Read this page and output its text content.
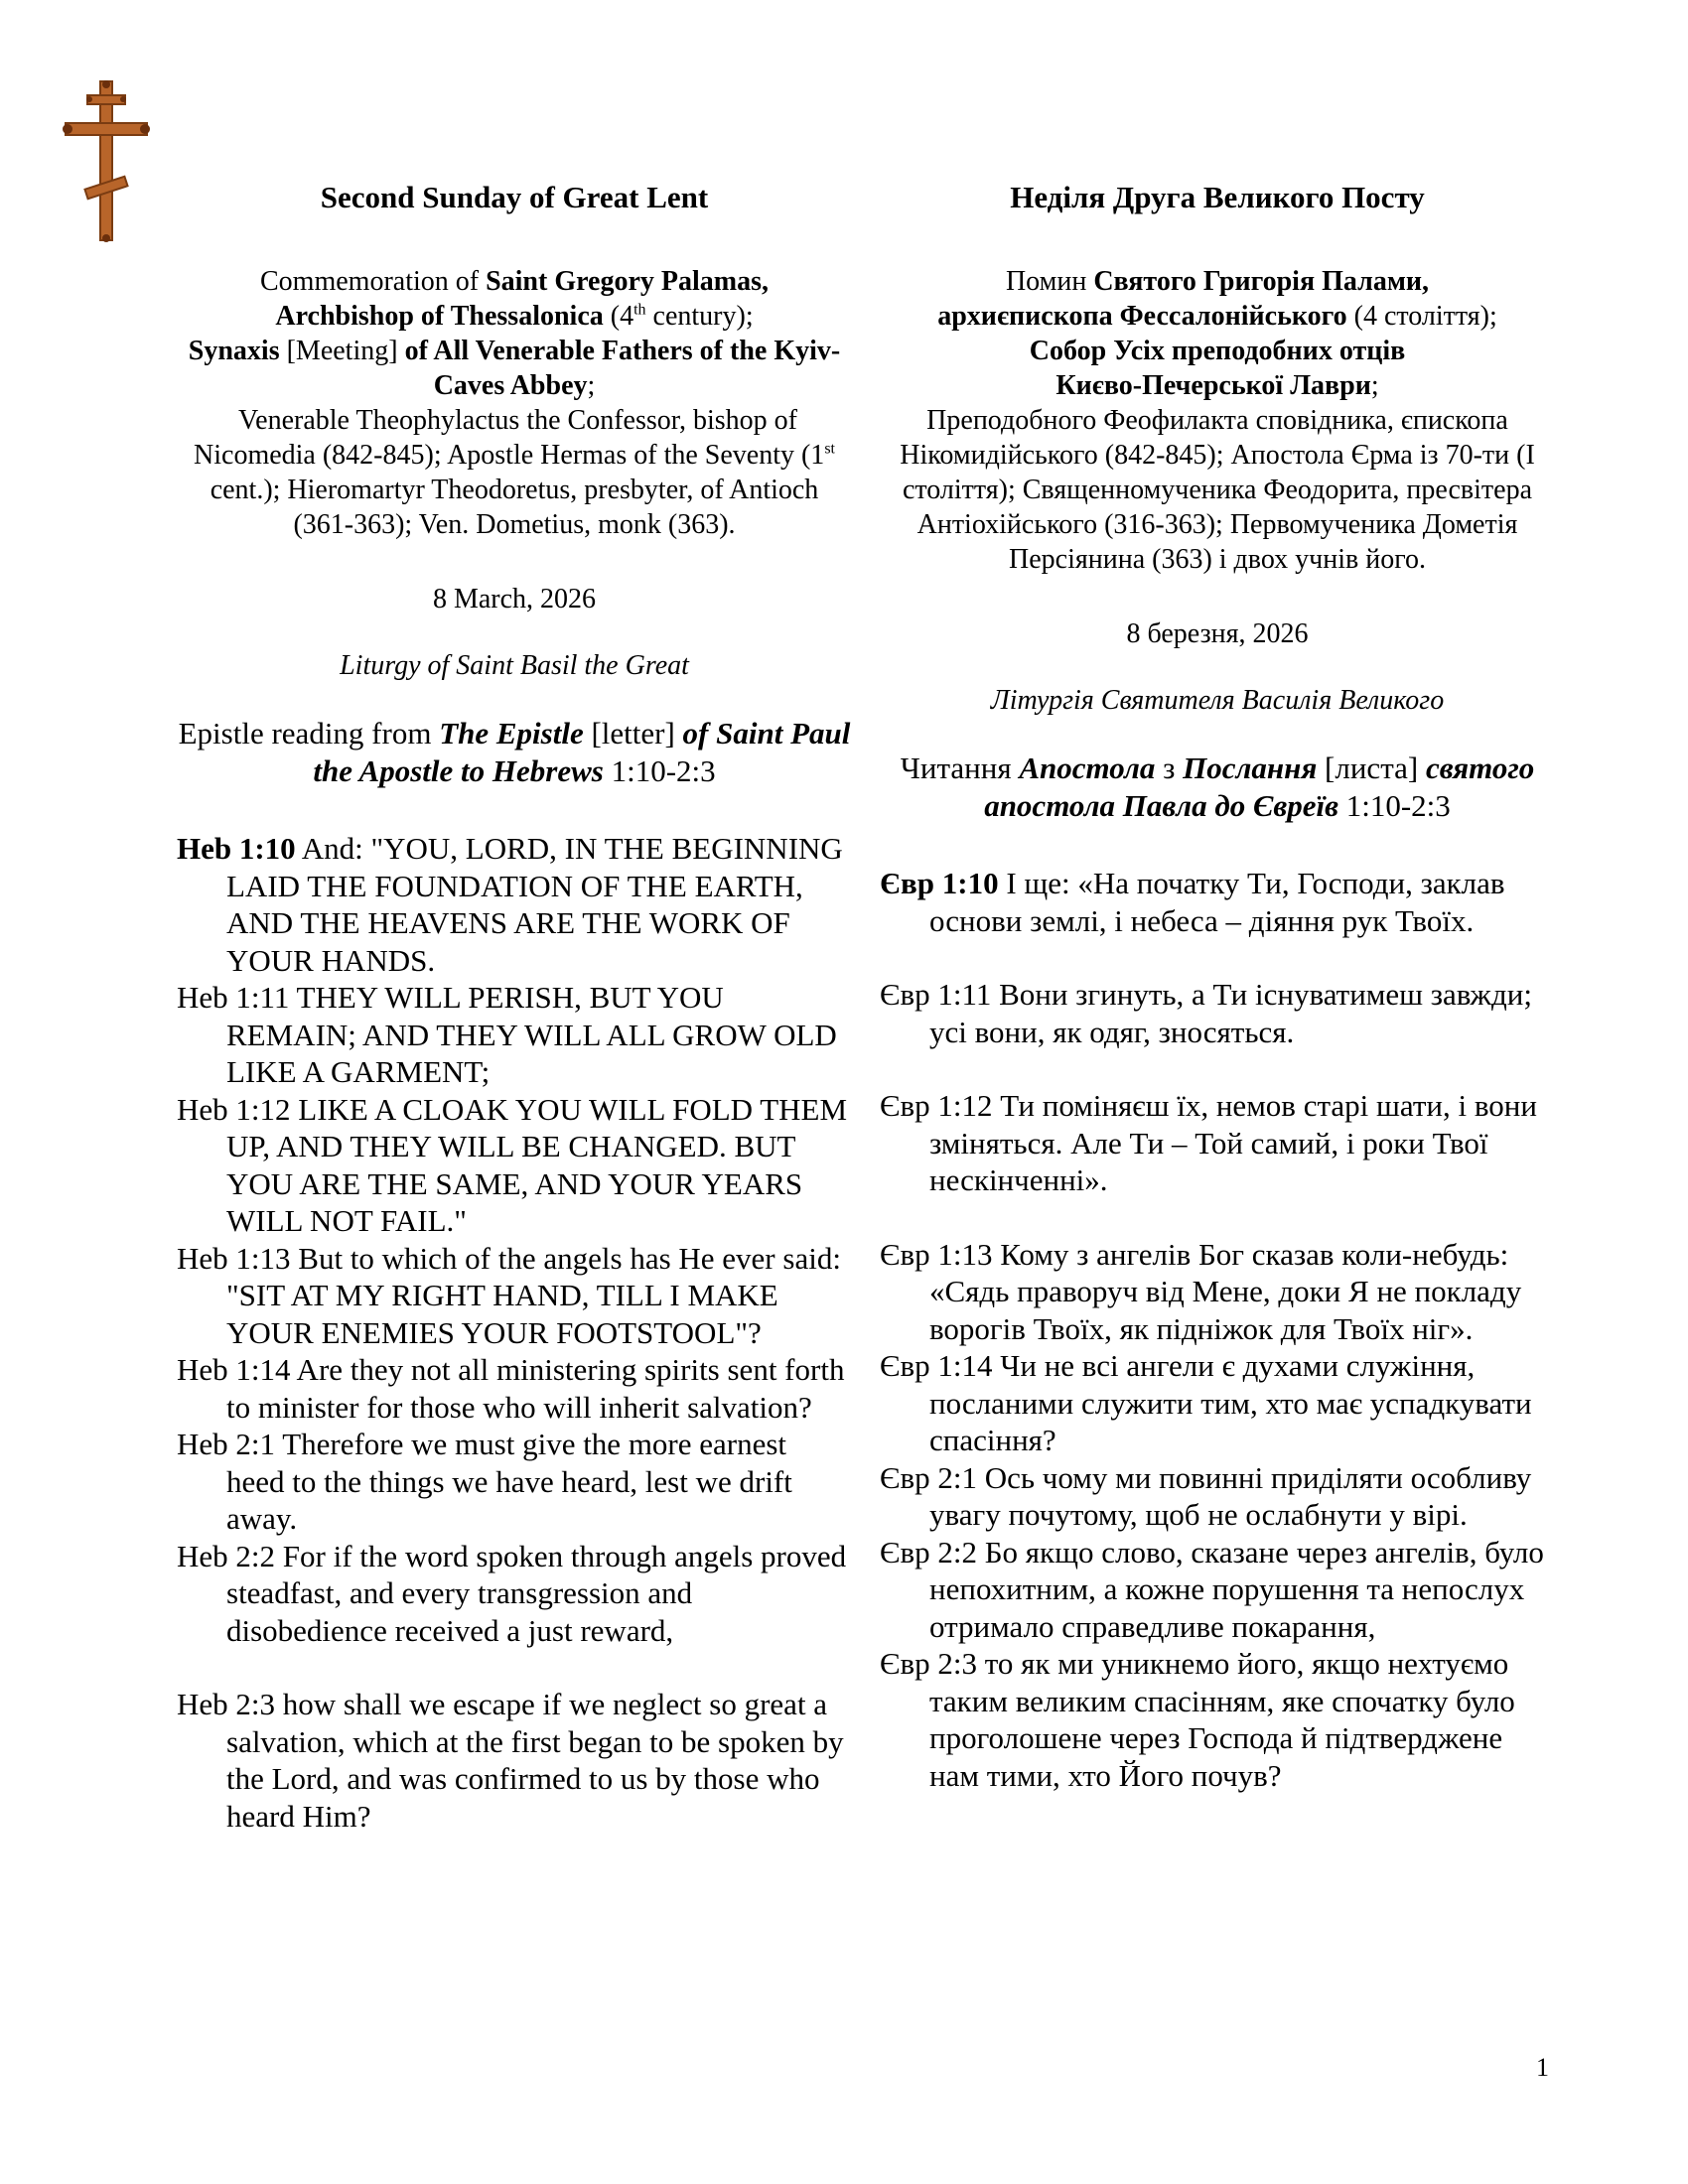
Second Sunday of Great Lent

Commemoration of Saint Gregory Palamas,
Archbishop of Thessalonica (4th century);

Synaxis [Meeting] of All Venerable Fathers of the Kyiv-Caves Abbey;

Venerable Theophylactus the Confessor, bishop of Nicomedia (842-845); Apostle Hermas of the Seventy (1st cent.); Hieromartyr Theodoretus, presbyter, of Antioch (361-363); Ven. Dometius, monk (363).

8 March, 2026
Liturgy of Saint Basil the Great
Epistle reading from The Epistle [letter] of Saint Paul the Apostle to Hebrews 1:10-2:3

Heb 1:10 And: "YOU, LORD, IN THE BEGINNING LAID THE FOUNDATION OF THE EARTH, AND THE HEAVENS ARE THE WORK OF YOUR HANDS.

Heb 1:11 THEY WILL PERISH, BUT YOU REMAIN; AND THEY WILL ALL GROW OLD LIKE A GARMENT;

Heb 1:12 LIKE A CLOAK YOU WILL FOLD THEM UP, AND THEY WILL BE CHANGED. BUT YOU ARE THE SAME, AND YOUR YEARS WILL NOT FAIL."

Heb 1:13 But to which of the angels has He ever said: "SIT AT MY RIGHT HAND, TILL I MAKE YOUR ENEMIES YOUR FOOTSTOOL"?

Heb 1:14 Are they not all ministering spirits sent forth to minister for those who will inherit salvation?

Heb 2:1 Therefore we must give the more earnest heed to the things we have heard, lest we drift away.

Heb 2:2 For if the word spoken through angels proved steadfast, and every transgression and disobedience received a just reward,

Heb 2:3 how shall we escape if we neglect so great a salvation, which at the first began to be spoken by the Lord, and was confirmed to us by those who heard Him?

Неділя Друга Великого Посту

Помин Святого Григорія Палами,
архиєпископа Фессалонійського (4 століття);

Собор Усіх преподобних отців
Києво-Печерської Лаври;

Преподобного Феофилакта сповідника, єпископа Нікомидійського (842-845); Апостола Єрма із 70-ти (І століття); Священномученика Феодорита, пресвітера Антіохійського (316-363); Первомученика Дометія Персіянина (363) і двох учнів його.

8 березня, 2026
Літургія Святителя Василія Великого
Читання Апостола з Послання [листа] святого апостола Павла до Євреїв 1:10-2:3

Євр 1:10 І ще: «На початку Ти, Господи, заклав основи землі, і небеса – діяння рук Твоїх.

Євр 1:11 Вони згинуть, а Ти існуватимеш завжди; усі вони, як одяг, зносяться.

Євр 1:12 Ти поміняєш їх, немов старі шати, і вони зміняться. Але Ти – Той самий, і роки Твої нескінченні».

Євр 1:13 Кому з ангелів Бог сказав коли-небудь: «Сядь праворуч від Мене, доки Я не покладу ворогів Твоїх, як підніжок для Твоїх ніг».

Євр 1:14 Чи не всі ангели є духами служіння, посланими служити тим, хто має успадкувати спасіння?

Євр 2:1 Ось чому ми повинні приділяти особливу увагу почутому, щоб не ослабнути у вірі.

Євр 2:2 Бо якщо слово, сказане через ангелів, було непохитним, а кожне порушення та непослух отримало справедливе покарання,

Євр 2:3 то як ми уникнемо його, якщо нехтуємо таким великим спасінням, яке спочатку було проголошене через Господа й підтверджене нам тими, хто Його почув?

1
